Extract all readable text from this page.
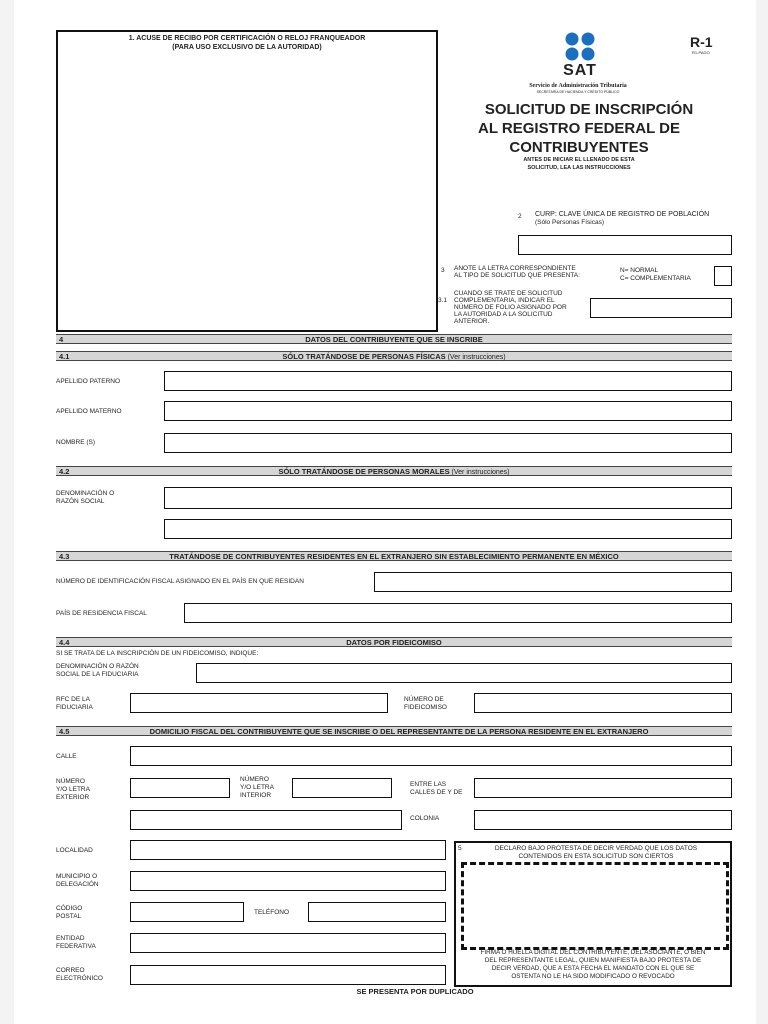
1. ACUSE DE RECIBO POR CERTIFICACIÓN O RELOJ FRANQUEADOR
(PARA USO EXCLUSIVO DE LA AUTORIDAD)
SAT
Servicio de Administración Tributaria
SECRETARÍA DE HACIENDA Y CRÉDITO PÚBLICO
R-1
R1-PAGO
SOLICITUD DE INSCRIPCIÓN
AL REGISTRO FEDERAL DE
CONTRIBUYENTES
ANTES DE INICIAR EL LLENADO DE ESTA
SOLICITUD, LEA LAS INSTRUCCIONES
2 CURP: CLAVE ÚNICA DE REGISTRO DE POBLACIÓN
(Sólo Personas Físicas)
3 ANOTE LA LETRA CORRESPONDIENTE
AL TIPO DE SOLICITUD QUE PRESENTA:
N= NORMAL
C= COMPLEMENTARIA
3.1
CUANDO SE TRATE DE SOLICITUD
COMPLEMENTARIA, INDICAR EL
NÚMERO DE FOLIO ASIGNADO POR
LA AUTORIDAD A LA SOLICITUD
ANTERIOR.
4	DATOS DEL CONTRIBUYENTE QUE SE INSCRIBE
4.1	SÓLO TRATÁNDOSE DE PERSONAS FÍSICAS (Ver instrucciones)
APELLIDO PATERNO
APELLIDO MATERNO
NOMBRE (S)
4.2	SÓLO TRATÁNDOSE DE PERSONAS MORALES (Ver instrucciones)
DENOMINACIÓN O
RAZÓN SOCIAL
4.3	TRATÁNDOSE DE CONTRIBUYENTES RESIDENTES EN EL EXTRANJERO SIN ESTABLECIMIENTO PERMANENTE EN MÉXICO
NÚMERO DE IDENTIFICACIÓN FISCAL ASIGNADO EN EL PAÍS EN QUE RESIDAN
PAÍS DE RESIDENCIA FISCAL
4.4	DATOS POR FIDEICOMISO
SI SE TRATA DE LA INSCRIPCIÓN DE UN FIDEICOMISO, INDIQUE:
DENOMINACIÓN O RAZÓN
SOCIAL DE LA FIDUCIARIA
RFC DE LA
FIDUCIARIA
NÚMERO DE
FIDEICOMISO
4.5	DOMICILIO FISCAL DEL CONTRIBUYENTE QUE SE INSCRIBE O DEL REPRESENTANTE DE LA PERSONA RESIDENTE EN EL EXTRANJERO
CALLE
NÚMERO
Y/O LETRA
EXTERIOR
NÚMERO
Y/O LETRA
INTERIOR
ENTRE LAS
CALLES DE Y DE
COLONIA
LOCALIDAD
MUNICIPIO O
DELEGACIÓN
CÓDIGO
POSTAL
TELÉFONO
ENTIDAD
FEDERATIVA
CORREO
ELECTRÓNICO
5	DECLARO BAJO PROTESTA DE DECIR VERDAD QUE LOS DATOS
CONTENIDOS EN ESTA SOLICITUD SON CIERTOS
FIRMA O HUELLA DIGITAL DEL CONTRIBUYENTE, DEL ASOCIANTE, O BIEN
DEL REPRESENTANTE LEGAL, QUIEN MANIFIESTA BAJO PROTESTA DE
DECIR VERDAD, QUE A ESTA FECHA EL MANDATO CON EL QUE SE
OSTENTA NO LE HA SIDO MODIFICADO O REVOCADO
SE PRESENTA POR DUPLICADO
